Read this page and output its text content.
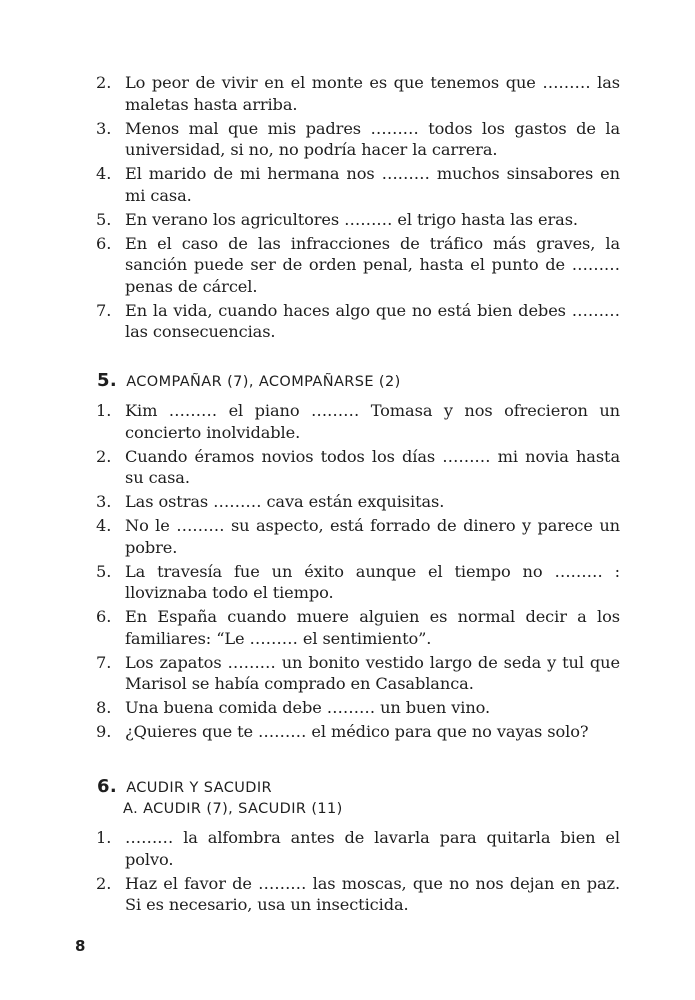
2. Lo peor de vivir en el monte es que tenemos que ……… las maletas hasta arriba.
3. Menos mal que mis padres ……… todos los gastos de la universidad, si no, no podría hacer la carrera.
4. El marido de mi hermana nos ……… muchos sinsabores en mi casa.
5. En verano los agricultores ……… el trigo hasta las eras.
6. En el caso de las infracciones de tráfico más graves, la sanción puede ser de orden penal, hasta el punto de ……… penas de cárcel.
7. En la vida, cuando haces algo que no está bien debes ……… las consecuencias.
5. ACOMPAÑAR (7), ACOMPAÑARSE (2)
1. Kim ……… el piano ……… Tomasa y nos ofrecieron un concierto inolvidable.
2. Cuando éramos novios todos los días ……… mi novia hasta su casa.
3. Las ostras ……… cava están exquisitas.
4. No le ……… su aspecto, está forrado de dinero y parece un pobre.
5. La travesía fue un éxito aunque el tiempo no ……… : lloviznaba todo el tiempo.
6. En España cuando muere alguien es normal decir a los familiares: “Le ……… el sentimiento”.
7. Los zapatos ……… un bonito vestido largo de seda y tul que Marisol se había comprado en Casablanca.
8. Una buena comida debe ……… un buen vino.
9. ¿Quieres que te ……… el médico para que no vayas solo?
6. ACUDIR Y SACUDIR
A. ACUDIR (7), SACUDIR (11)
1. ……… la alfombra antes de lavarla para quitarla bien el polvo.
2. Haz el favor de ……… las moscas, que no nos dejan en paz. Si es necesario, usa un insecticida.
8
